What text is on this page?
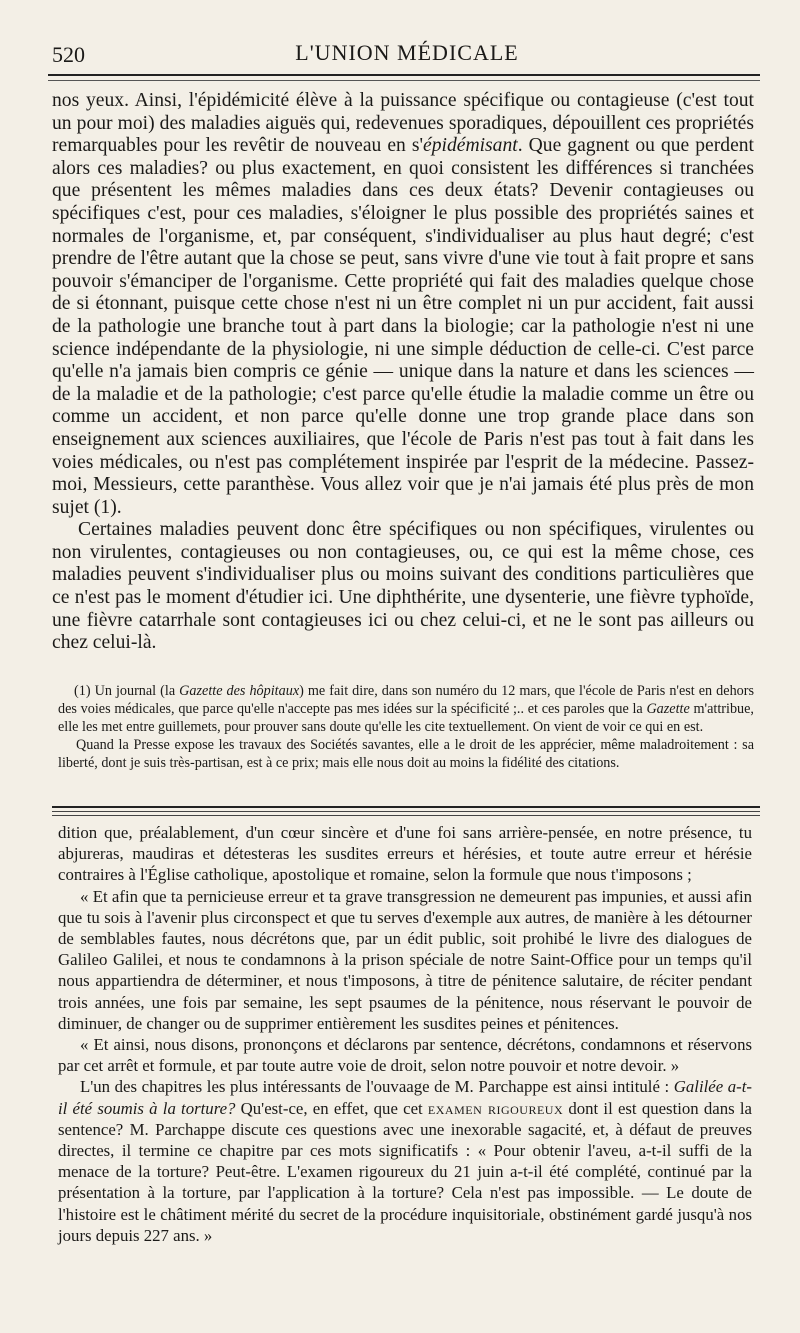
520	L'UNION MÉDICALE

nos yeux. Ainsi, l'épidémicité élève à la puissance spécifique ou contagieuse (c'est tout un pour moi) des maladies aiguës qui, redevenues sporadiques, dépouillent ces propriétés remarquables pour les revêtir de nouveau en s'épidémisant. Que gagnent ou que perdent alors ces maladies? ou plus exactement, en quoi consistent les différences si tranchées que présentent les mêmes maladies dans ces deux états? Devenir contagieuses ou spécifiques c'est, pour ces maladies, s'éloigner le plus possible des propriétés saines et normales de l'organisme, et, par conséquent, s'individualiser au plus haut degré; c'est prendre de l'être autant que la chose se peut, sans vivre d'une vie tout à fait propre et sans pouvoir s'émanciper de l'organisme. Cette propriété qui fait des maladies quelque chose de si étonnant, puisque cette chose n'est ni un être complet ni un pur accident, fait aussi de la pathologie une branche tout à part dans la biologie; car la pathologie n'est ni une science indépendante de la physiologie, ni une simple déduction de celle-ci. C'est parce qu'elle n'a jamais bien compris ce génie — unique dans la nature et dans les sciences — de la maladie et de la pathologie; c'est parce qu'elle étudie la maladie comme un être ou comme un accident, et non parce qu'elle donne une trop grande place dans son enseignement aux sciences auxiliaires, que l'école de Paris n'est pas tout à fait dans les voies médicales, ou n'est pas complétement inspirée par l'esprit de la médecine. Passez-moi, Messieurs, cette paranthèse. Vous allez voir que je n'ai jamais été plus près de mon sujet (1).

Certaines maladies peuvent donc être spécifiques ou non spécifiques, virulentes ou non virulentes, contagieuses ou non contagieuses, ou, ce qui est la même chose, ces maladies peuvent s'individualiser plus ou moins suivant des conditions particulières que ce n'est pas le moment d'étudier ici. Une diphthérite, une dysenterie, une fièvre typhoïde, une fièvre catarrhale sont contagieuses ici ou chez celui-ci, et ne le sont pas ailleurs ou chez celui-là.

(1) Un journal (la Gazette des hôpitaux) me fait dire, dans son numéro du 12 mars, que l'école de Paris n'est en dehors des voies médicales, que parce qu'elle n'accepte pas mes idées sur la spécificité ;.. et ces paroles que la Gazette m'attribue, elle les met entre guillemets, pour prouver sans doute qu'elle les cite textuellement. On vient de voir ce qui en est.

Quand la Presse expose les travaux des Sociétés savantes, elle a le droit de les apprécier, même maladroitement : sa liberté, dont je suis très-partisan, est à ce prix; mais elle nous doit au moins la fidélité des citations.

dition que, préalablement, d'un cœur sincère et d'une foi sans arrière-pensée, en notre présence, tu abjureras, maudiras et détesteras les susdites erreurs et hérésies, et toute autre erreur et hérésie contraires à l'Église catholique, apostolique et romaine, selon la formule que nous t'imposons ;

« Et afin que ta pernicieuse erreur et ta grave transgression ne demeurent pas impunies, et aussi afin que tu sois à l'avenir plus circonspect et que tu serves d'exemple aux autres, de manière à les détourner de semblables fautes, nous décrétons que, par un édit public, soit prohibé le livre des dialogues de Galileo Galilei, et nous te condamnons à la prison spéciale de notre Saint-Office pour un temps qu'il nous appartiendra de déterminer, et nous t'imposons, à titre de pénitence salutaire, de réciter pendant trois années, une fois par semaine, les sept psaumes de la pénitence, nous réservant le pouvoir de diminuer, de changer ou de supprimer entièrement les susdites peines et pénitences.

« Et ainsi, nous disons, prononçons et déclarons par sentence, décrétons, condamnons et réservons par cet arrêt et formule, et par toute autre voie de droit, selon notre pouvoir et notre devoir. »

L'un des chapitres les plus intéressants de l'ouvaage de M. Parchappe est ainsi intitulé : Galilée a-t-il été soumis à la torture? Qu'est-ce, en effet, que cet examen rigoureux dont il est question dans la sentence? M. Parchappe discute ces questions avec une inexorable sagacité, et, à défaut de preuves directes, il termine ce chapitre par ces mots significatifs : « Pour obtenir l'aveu, a-t-il suffi de la menace de la torture? Peut-être. L'examen rigoureux du 21 juin a-t-il été complété, continué par la présentation à la torture, par l'application à la torture? Cela n'est pas impossible. — Le doute de l'histoire est le châtiment mérité du secret de la procédure inquisitoriale, obstinément gardé jusqu'à nos jours depuis 227 ans. »
